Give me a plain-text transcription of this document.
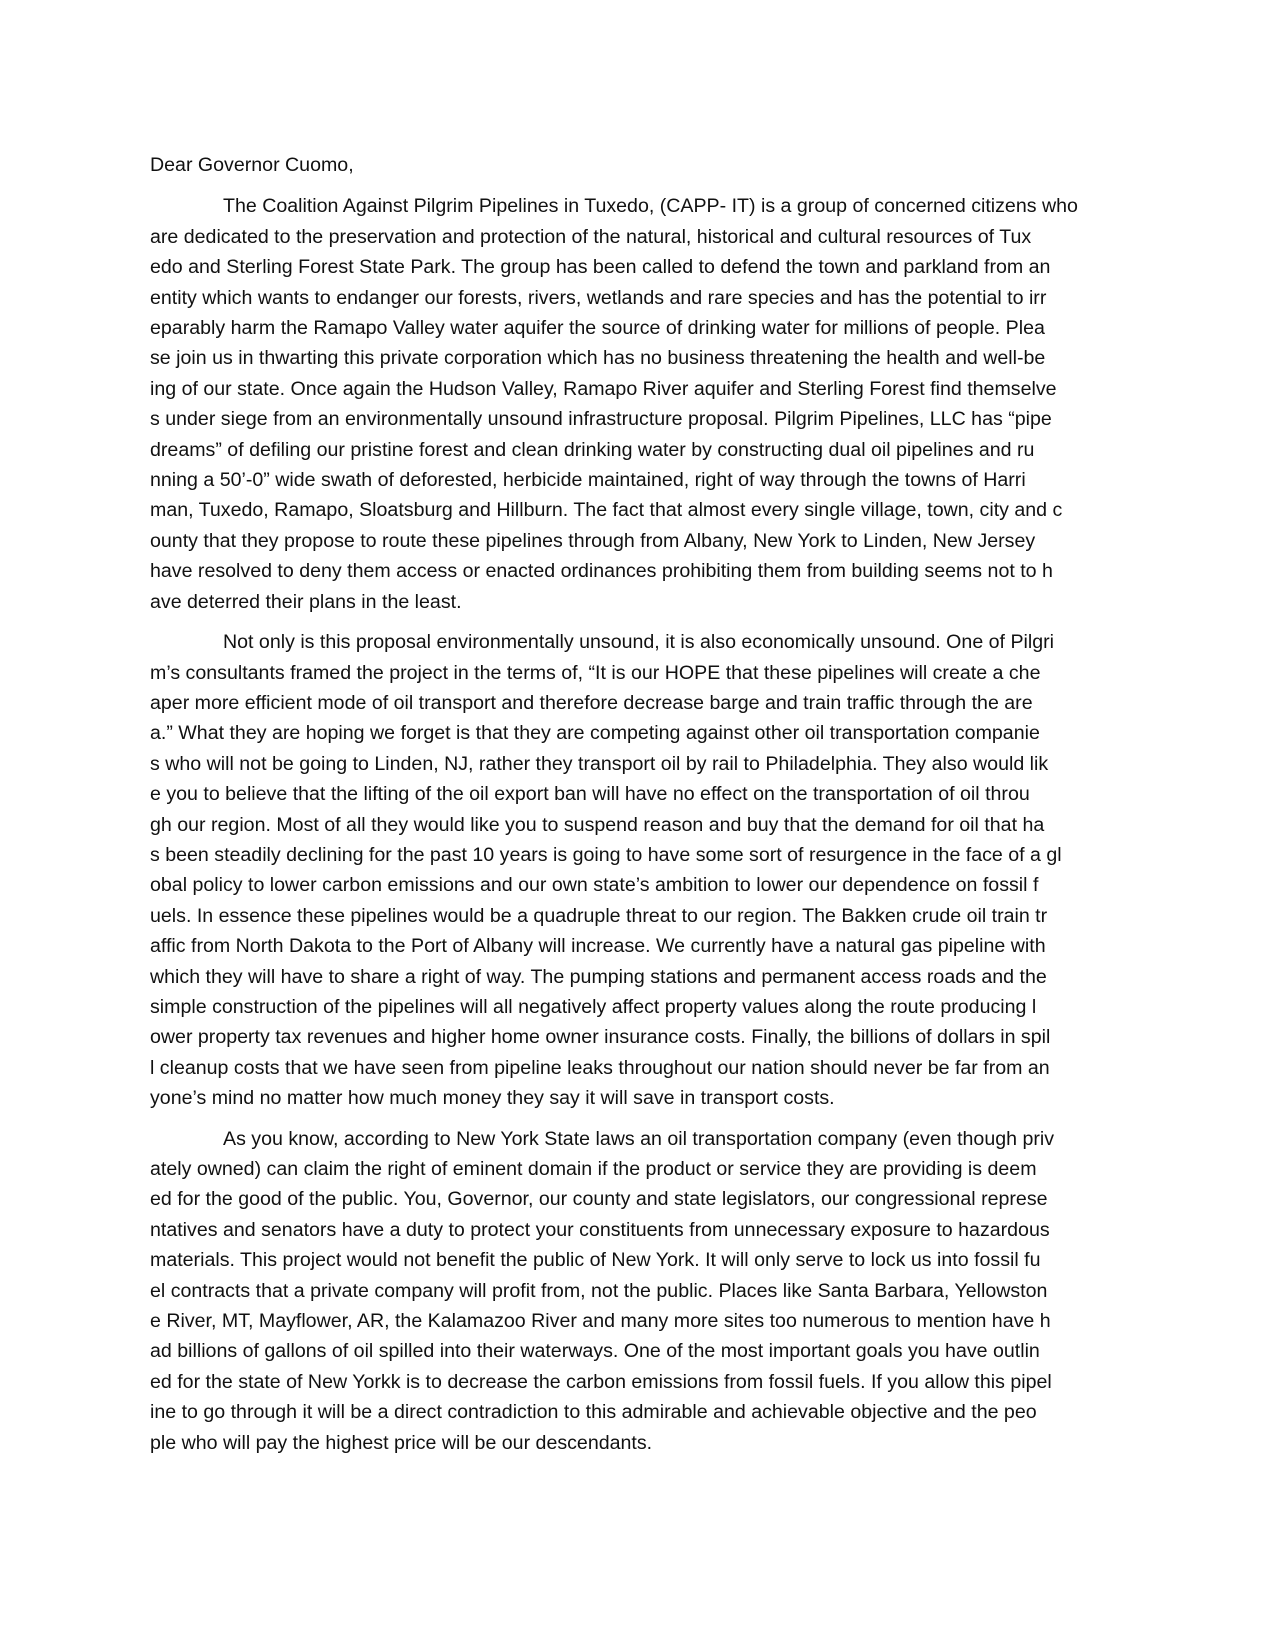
Dear Governor Cuomo,
The Coalition Against Pilgrim Pipelines in Tuxedo, (CAPP- IT) is a group of concerned citizens who
are dedicated to the preservation and protection of the natural, historical and cultural resources of Tux
edo and Sterling Forest State Park. The group has been called to defend the town and parkland from an
entity which wants to endanger our forests, rivers, wetlands and rare species and has the potential to irr
eparably harm the Ramapo Valley water aquifer the source of drinking water for millions of people. Plea
se join us in thwarting this private corporation which has no business threatening the health and well-be
ing of our state. Once again the Hudson Valley, Ramapo River aquifer and Sterling Forest find themselve
s under siege from an environmentally unsound infrastructure proposal. Pilgrim Pipelines, LLC has “pipe
dreams” of defiling our pristine forest and clean drinking water by constructing dual oil pipelines and ru
nning a 50’-0” wide swath of deforested, herbicide maintained, right of way through the towns of Harri
man, Tuxedo, Ramapo, Sloatsburg and Hillburn. The fact that almost every single village, town, city and c
ounty that they propose to route these pipelines through from Albany, New York to Linden, New Jersey
have resolved to deny them access or enacted ordinances prohibiting them from building seems not to h
ave deterred their plans in the least.
Not only is this proposal environmentally unsound, it is also economically unsound. One of Pilgri
m’s consultants framed the project in the terms of, “It is our HOPE that these pipelines will create a che
aper more efficient mode of oil transport and therefore decrease barge and train traffic through the are
a.” What they are hoping we forget is that they are competing against other oil transportation companie
s who will not be going to Linden, NJ, rather they transport oil by rail to Philadelphia. They also would lik
e you to believe that the lifting of the oil export ban will have no effect on the transportation of oil throu
gh our region. Most of all they would like you to suspend reason and buy that the demand for oil that ha
s been steadily declining for the past 10 years is going to have some sort of resurgence in the face of a gl
obal policy to lower carbon emissions and our own state’s ambition to lower our dependence on fossil f
uels. In essence these pipelines would be a quadruple threat to our region. The Bakken crude oil train tr
affic from North Dakota to the Port of Albany will increase. We currently have a natural gas pipeline with
which they will have to share a right of way. The pumping stations and permanent access roads and the
simple construction of the pipelines will all negatively affect property values along the route producing l
ower property tax revenues and higher home owner insurance costs. Finally, the billions of dollars in spil
l cleanup costs that we have seen from pipeline leaks throughout our nation should never be far from an
yone’s mind no matter how much money they say it will save in transport costs.
As you know, according to New York State laws an oil transportation company (even though priv
ately owned) can claim the right of eminent domain if the product or service they are providing is deem
ed for the good of the public. You, Governor, our county and state legislators, our congressional represe
ntatives and senators have a duty to protect your constituents from unnecessary exposure to hazardous
materials. This project would not benefit the public of New York. It will only serve to lock us into fossil fu
el contracts that a private company will profit from, not the public. Places like Santa Barbara, Yellowston
e River, MT, Mayflower, AR, the Kalamazoo River and many more sites too numerous to mention have h
ad billions of gallons of oil spilled into their waterways. One of the most important goals you have outlin
ed for the state of New Yorkk is to decrease the carbon emissions from fossil fuels. If you allow this pipel
ine to go through it will be a direct contradiction to this admirable and achievable objective and the peo
ple who will pay the highest price will be our descendants.
